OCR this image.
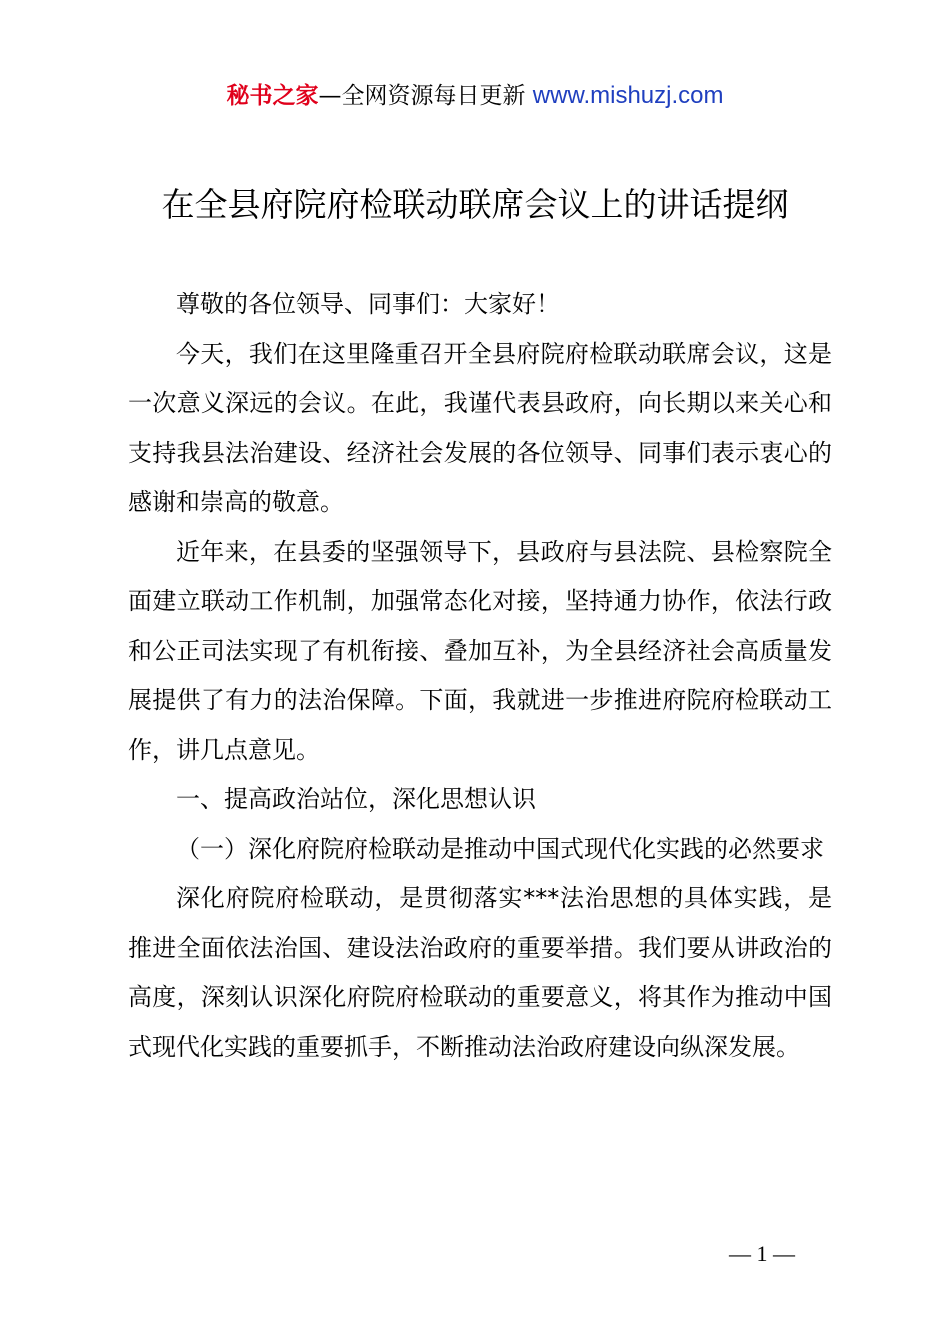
秘书之家—全网资源每日更新 www.mishuzj.com
在全县府院府检联动联席会议上的讲话提纲

尊敬的各位领导、同事们：大家好！

今天，我们在这里隆重召开全县府院府检联动联席会议，这是一次意义深远的会议。在此，我谨代表县政府，向长期以来关心和支持我县法治建设、经济社会发展的各位领导、同事们表示衷心的感谢和崇高的敬意。

近年来，在县委的坚强领导下，县政府与县法院、县检察院全面建立联动工作机制，加强常态化对接，坚持通力协作，依法行政和公正司法实现了有机衔接、叠加互补，为全县经济社会高质量发展提供了有力的法治保障。下面，我就进一步推进府院府检联动工作，讲几点意见。

一、提高政治站位，深化思想认识

（一）深化府院府检联动是推动中国式现代化实践的必然要求

深化府院府检联动，是贯彻落实***法治思想的具体实践，是推进全面依法治国、建设法治政府的重要举措。我们要从讲政治的高度，深刻认识深化府院府检联动的重要意义，将其作为推动中国式现代化实践的重要抓手，不断推动法治政府建设向纵深发展。

— 1 —
